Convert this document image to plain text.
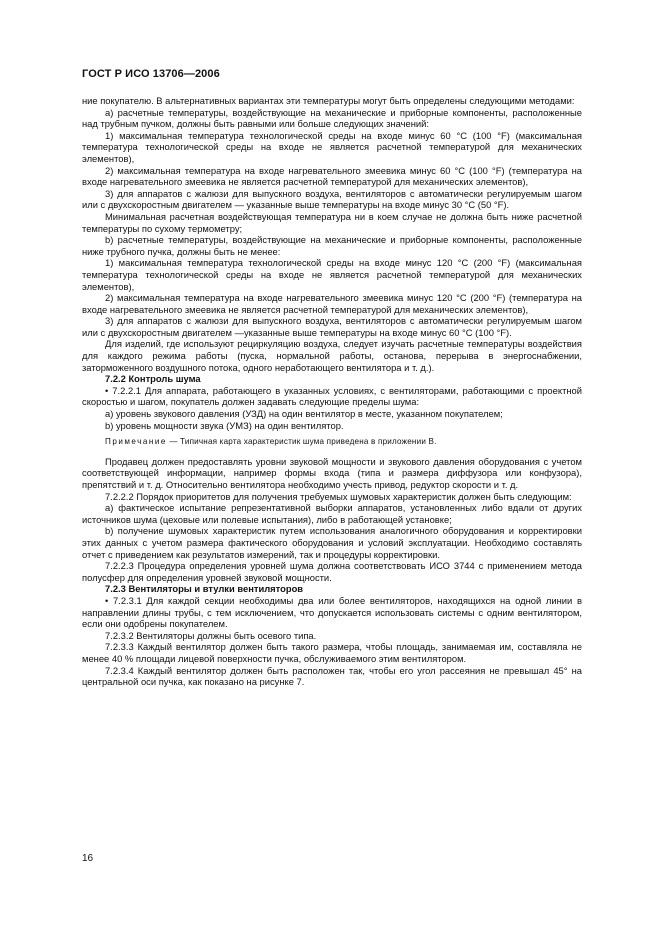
ГОСТ Р ИСО 13706—2006

ние покупателю. В альтернативных вариантах эти температуры могут быть определены следующими методами:

a) расчетные температуры, воздействующие на механические и приборные компоненты, расположенные над трубным пучком, должны быть равными или больше следующих значений:

1) максимальная температура технологической среды на входе минус 60 °C (100 °F) (максимальная температура технологической среды на входе не является расчетной температурой для механических элементов),

2) максимальная температура на входе нагревательного змеевика минус 60 °C (100 °F) (температура на входе нагревательного змеевика не является расчетной температурой для механических элементов),

3) для аппаратов с жалюзи для выпускного воздуха, вентиляторов с автоматически регулируемым шагом или с двухскоростным двигателем — указанные выше температуры на входе минус 30 °C (50 °F).

Минимальная расчетная воздействующая температура ни в коем случае не должна быть ниже расчетной температуры по сухому термометру;

b) расчетные температуры, воздействующие на механические и приборные компоненты, расположенные ниже трубного пучка, должны быть не менее:

1) максимальная температура технологической среды на входе минус 120 °C (200 °F) (максимальная температура технологической среды на входе не является расчетной температурой для механических элементов),

2) максимальная температура на входе нагревательного змеевика минус 120 °C (200 °F) (температура на входе нагревательного змеевика не является расчетной температурой для механических элементов),

3) для аппаратов с жалюзи для выпускного воздуха, вентиляторов с автоматически регулируемым шагом или с двухскоростным двигателем —указанные выше температуры на входе минус 60 °C (100 °F).

Для изделий, где используют рециркуляцию воздуха, следует изучать расчетные температуры воздействия для каждого режима работы (пуска, нормальной работы, останова, перерыва в энергоснабжении, заторможенного воздушного потока, одного неработающего вентилятора и т. д.).

7.2.2 Контроль шума

• 7.2.2.1 Для аппарата, работающего в указанных условиях, с вентиляторами, работающими с проектной скоростью и шагом, покупатель должен задавать следующие пределы шума:

a) уровень звукового давления (УЗД) на один вентилятор в месте, указанном покупателем;

b) уровень мощности звука (УМЗ) на один вентилятор.

Примечание — Типичная карта характеристик шума приведена в приложении В.

Продавец должен предоставлять уровни звуковой мощности и звукового давления оборудования с учетом соответствующей информации, например формы входа (типа и размера диффузора или конфузора), препятствий и т. д. Относительно вентилятора необходимо учесть привод, редуктор скорости и т. д.

7.2.2.2 Порядок приоритетов для получения требуемых шумовых характеристик должен быть следующим:

a) фактическое испытание репрезентативной выборки аппаратов, установленных либо вдали от других источников шума (цеховые или полевые испытания), либо в работающей установке;

b) получение шумовых характеристик путем использования аналогичного оборудования и корректировки этих данных с учетом размера фактического оборудования и условий эксплуатации. Необходимо составлять отчет с приведением как результатов измерений, так и процедуры корректировки.

7.2.2.3 Процедура определения уровней шума должна соответствовать ИСО 3744 с применением метода полусфер для определения уровней звуковой мощности.

7.2.3 Вентиляторы и втулки вентиляторов

• 7.2.3.1 Для каждой секции необходимы два или более вентиляторов, находящихся на одной линии в направлении длины трубы, с тем исключением, что допускается использовать системы с одним вентилятором, если они одобрены покупателем.

7.2.3.2 Вентиляторы должны быть осевого типа.

7.2.3.3 Каждый вентилятор должен быть такого размера, чтобы площадь, занимаемая им, составляла не менее 40 % площади лицевой поверхности пучка, обслуживаемого этим вентилятором.

7.2.3.4 Каждый вентилятор должен быть расположен так, чтобы его угол рассеяния не превышал 45° на центральной оси пучка, как показано на рисунке 7.

16
